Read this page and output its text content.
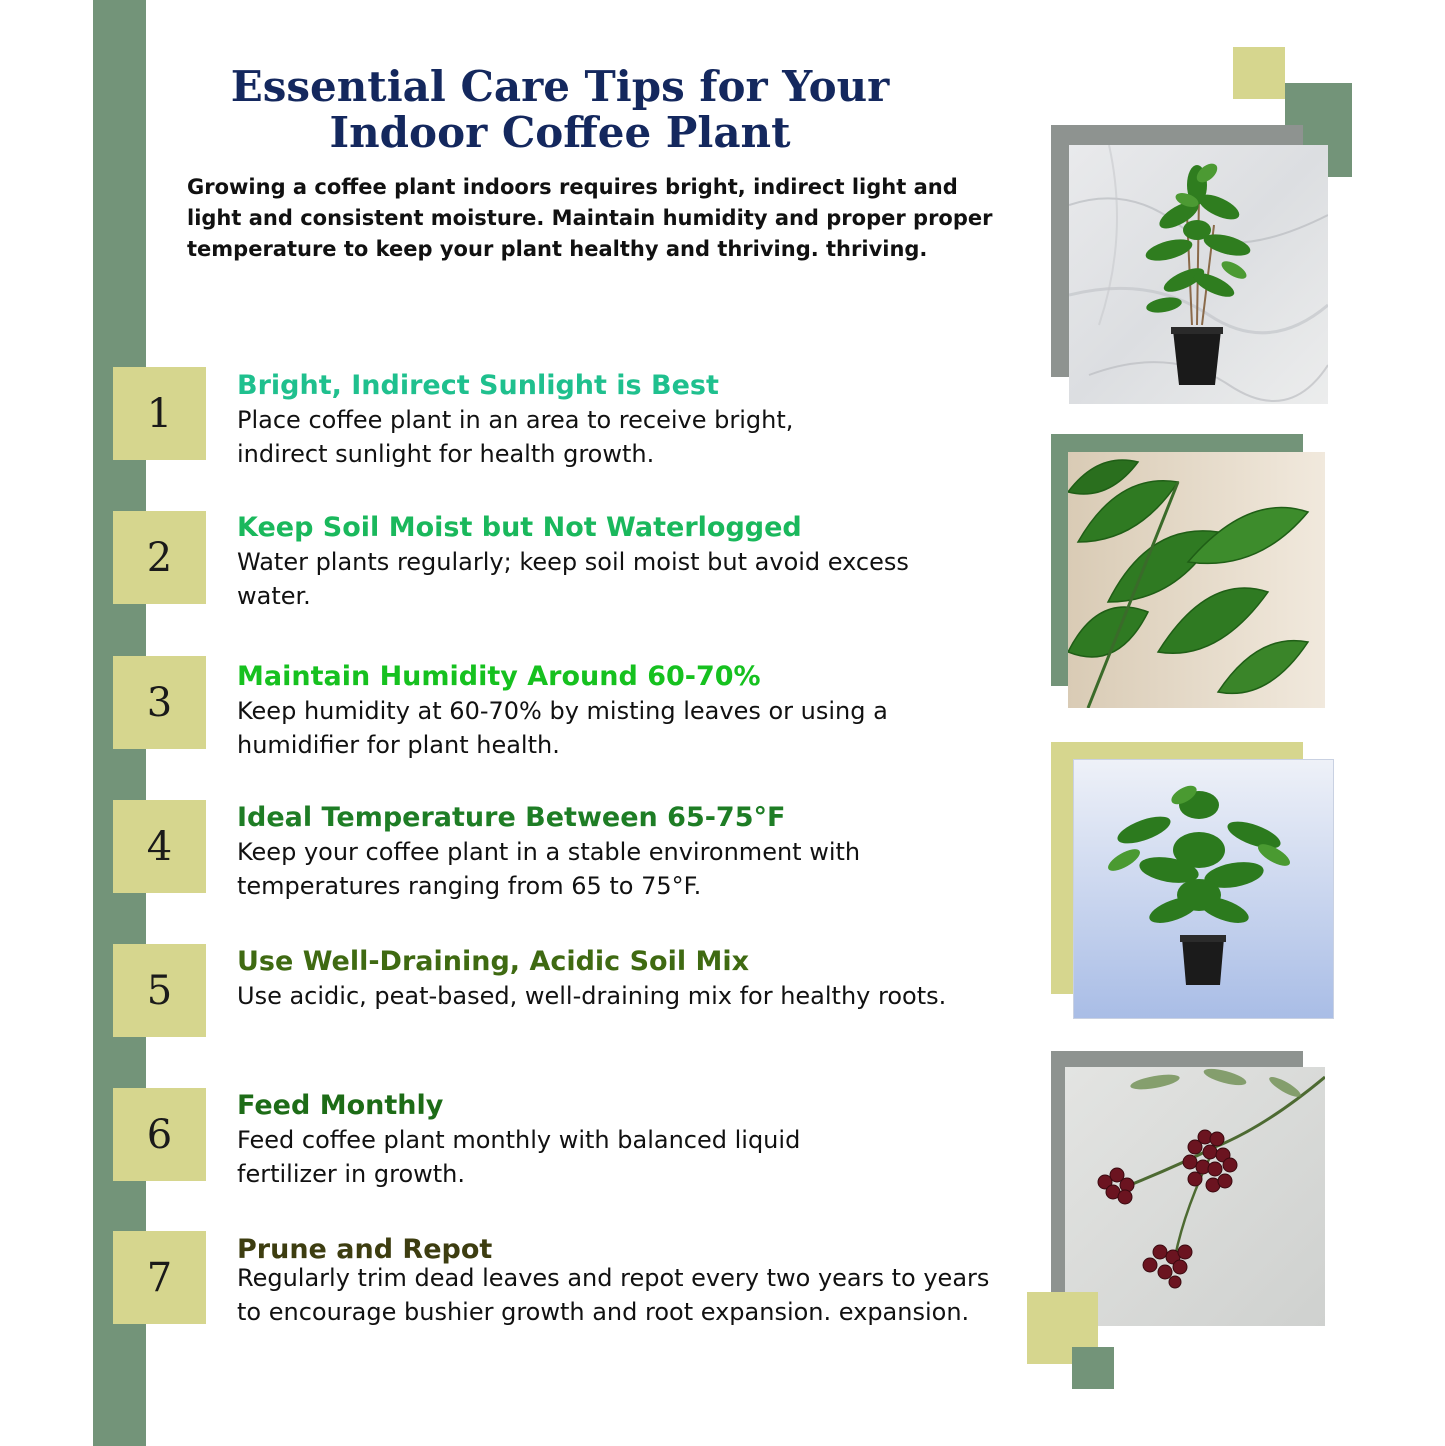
Essential Care Tips for Your Indoor Coffee Plant

Growing a coffee plant indoors requires bright, indirect light and light and consistent moisture. Maintain humidity and proper proper temperature to keep your plant healthy and thriving. thriving.

1
Bright, Indirect Sunlight is Best

Place coffee plant in an area to receive bright, indirect sunlight for health growth.

2
Keep Soil Moist but Not Waterlogged

Water plants regularly; keep soil moist but avoid excess water.

3
Maintain Humidity Around 60-70%

Keep humidity at 60-70% by misting leaves or using a humidifier for plant health.

4
Ideal Temperature Between 65-75°F

Keep your coffee plant in a stable environment with temperatures ranging from 65 to 75°F.

5
Use Well-Draining, Acidic Soil Mix

Use acidic, peat-based, well-draining mix for healthy roots.

6
Feed Monthly

Feed coffee plant monthly with balanced liquid fertilizer in growth.

7
Prune and Repot

Regularly trim dead leaves and repot every two years to years to encourage bushier growth and root expansion. expansion.
